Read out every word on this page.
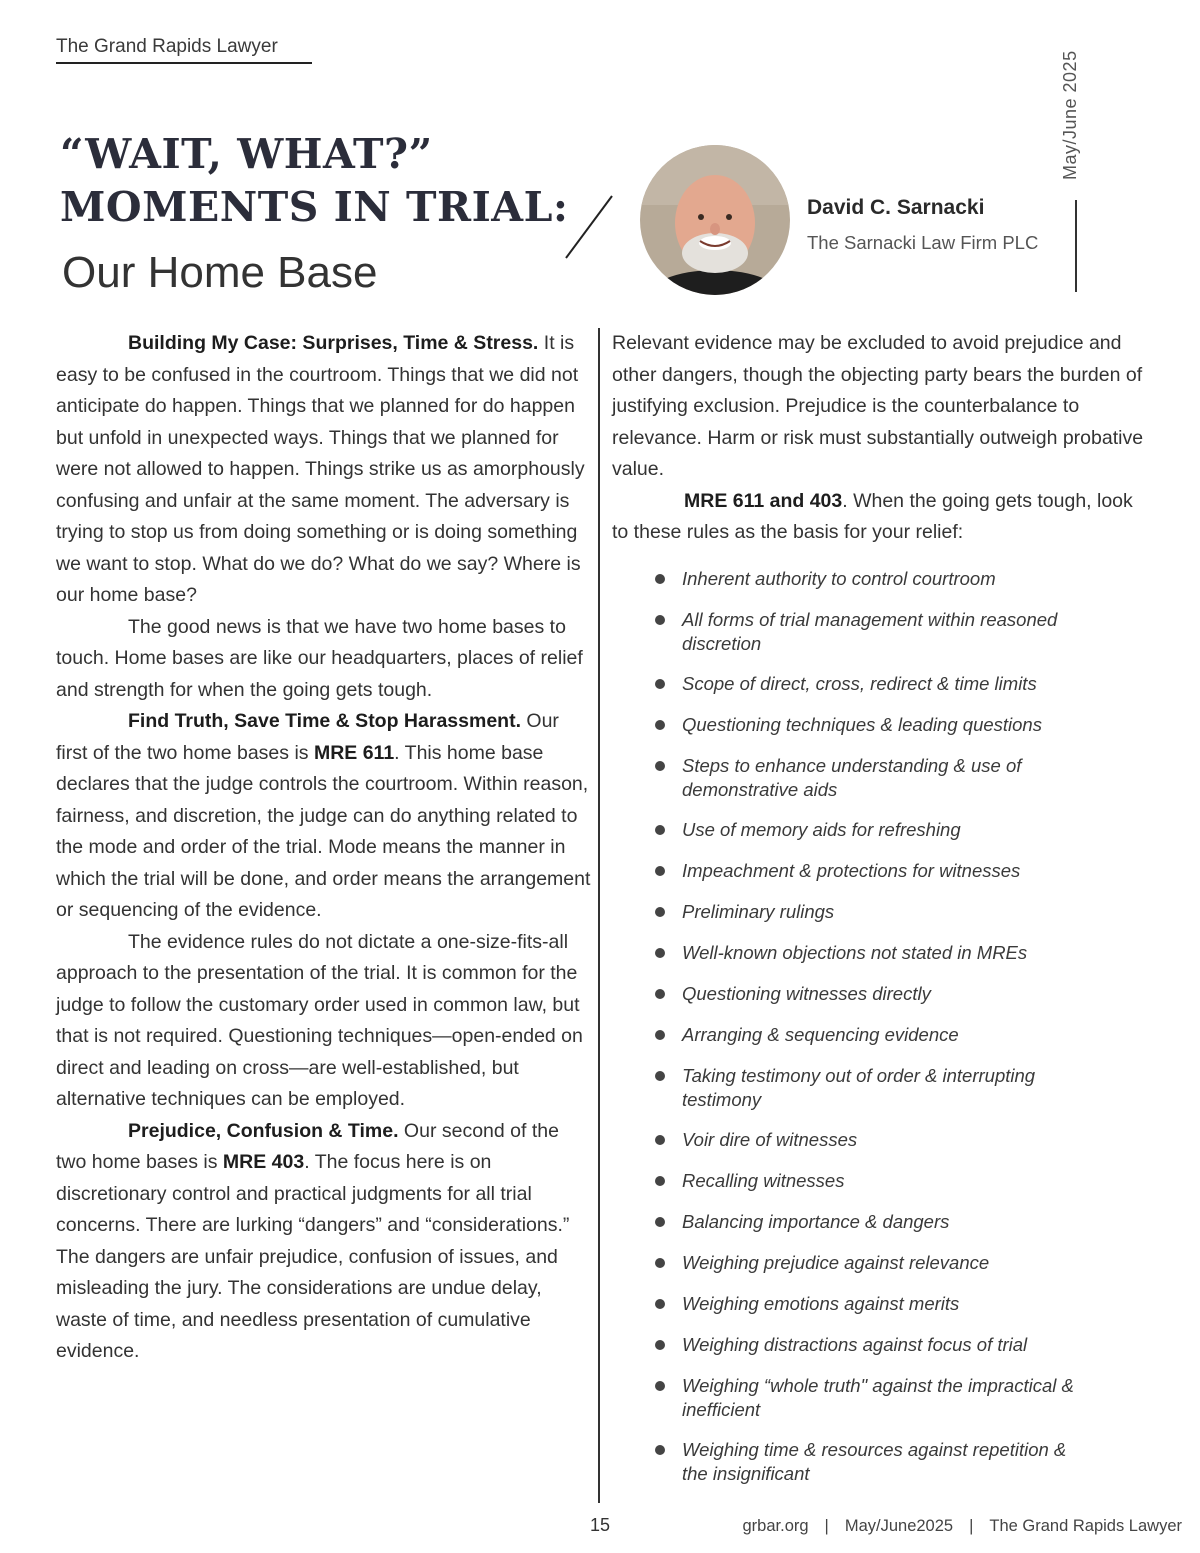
The Grand Rapids Lawyer
May/June 2025
“WAIT, WHAT?”
MOMENTS IN TRIAL:
Our Home Base
David C. Sarnacki
The Sarnacki Law Firm PLC

Building My Case: Surprises, Time & Stress. It is easy to be confused in the courtroom. Things that we did not anticipate do happen. Things that we planned for do happen but unfold in unexpected ways. Things that we planned for were not allowed to happen. Things strike us as amorphously confusing and unfair at the same moment. The adversary is trying to stop us from doing something or is doing something we want to stop. What do we do? What do we say? Where is our home base?

The good news is that we have two home bases to touch. Home bases are like our headquarters, places of relief and strength for when the going gets tough.

Find Truth, Save Time & Stop Harassment. Our first of the two home bases is MRE 611. This home base declares that the judge controls the courtroom. Within reason, fairness, and discretion, the judge can do anything related to the mode and order of the trial. Mode means the manner in which the trial will be done, and order means the arrangement or sequencing of the evidence.

The evidence rules do not dictate a one-size-fits-all approach to the presentation of the trial. It is common for the judge to follow the customary order used in common law, but that is not required. Questioning techniques—open-ended on direct and leading on cross—are well-established, but alternative techniques can be employed.

Prejudice, Confusion & Time. Our second of the two home bases is MRE 403. The focus here is on discretionary control and practical judgments for all trial concerns. There are lurking “dangers” and “considerations.” The dangers are unfair prejudice, confusion of issues, and misleading the jury. The considerations are undue delay, waste of time, and needless presentation of cumulative evidence.

Relevant evidence may be excluded to avoid prejudice and other dangers, though the objecting party bears the burden of justifying exclusion. Prejudice is the counterbalance to relevance. Harm or risk must substantially outweigh probative value.

MRE 611 and 403. When the going gets tough, look to these rules as the basis for your relief:

Inherent authority to control courtroom
All forms of trial management within reasoned discretion
Scope of direct, cross, redirect & time limits
Questioning techniques & leading questions
Steps to enhance understanding & use of demonstrative aids
Use of memory aids for refreshing
Impeachment & protections for witnesses
Preliminary rulings
Well-known objections not stated in MREs
Questioning witnesses directly
Arranging & sequencing evidence
Taking testimony out of order & interrupting testimony
Voir dire of witnesses
Recalling witnesses
Balancing importance & dangers
Weighing prejudice against relevance
Weighing emotions against merits
Weighing distractions against focus of trial
Weighing “whole truth" against the impractical & inefficient
Weighing time & resources against repetition & the insignificant
15	grbar.org | May/June2025 | The Grand Rapids Lawyer
